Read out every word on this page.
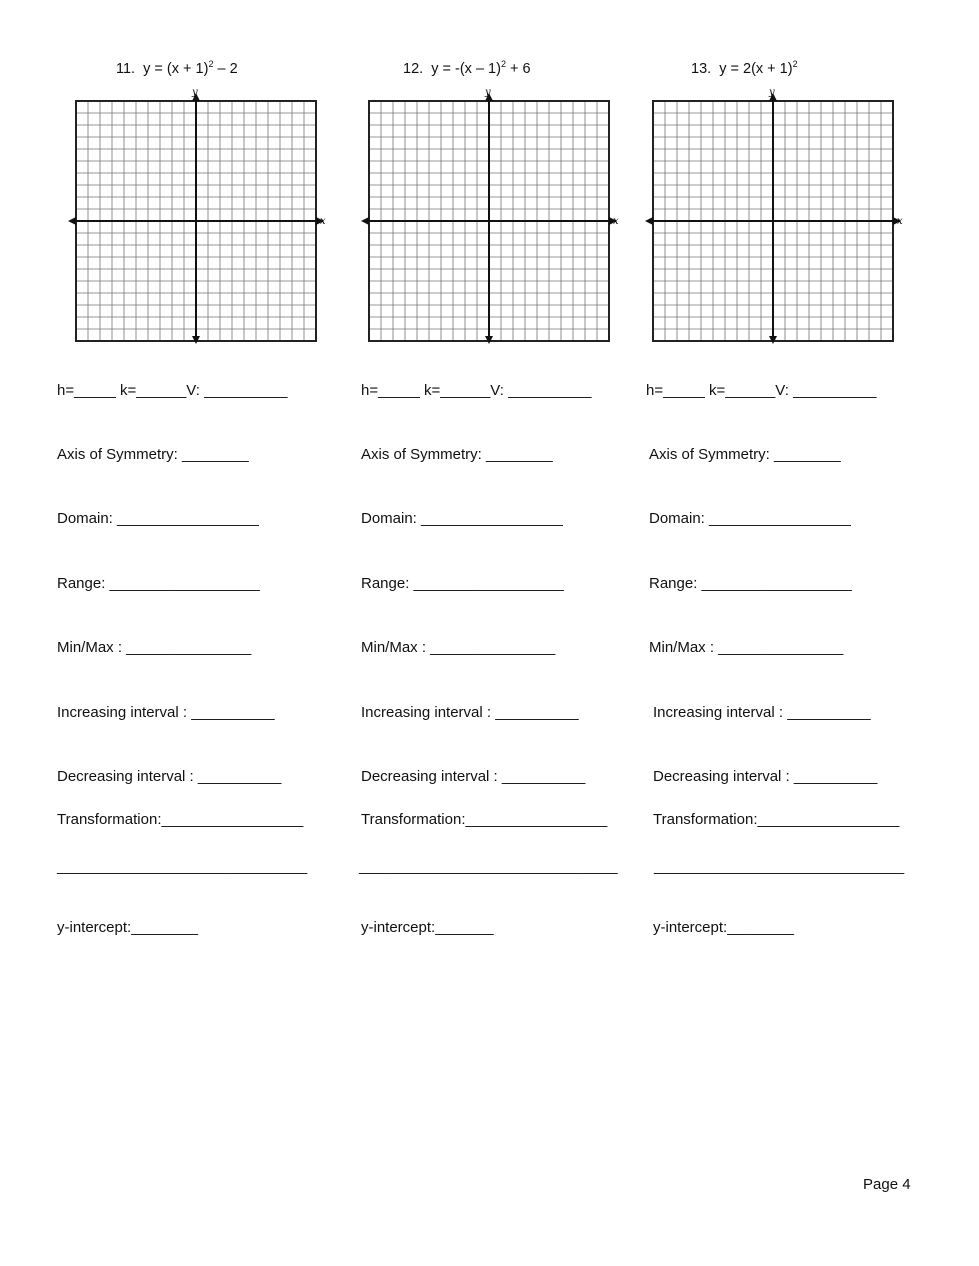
11. $y = (x + 1)^2 - 2$
x
y
h=_____ k=______V: __________
Axis of Symmetry: ________
Domain: _________________
Range: __________________
Min/Max : _______________
Increasing interval : __________
Decreasing interval : __________
Transformation:_________________
______________________________
y-intercept:________
12. y = -(x – 1)$^2$ + 6
x
y
h=_____ k=______V: __________
Axis of Symmetry: ________
Domain: _________________
Range: __________________
Min/Max : _______________
Increasing interval : __________
Decreasing interval : __________
Transformation:_________________
_______________________________
y-intercept:_______
13. $y = 2(x + 1)^2$
x
y
h=_____ k=______V: __________
Axis of Symmetry: ________
Domain: _________________
Range: __________________
Min/Max : _______________
Increasing interval : __________
Decreasing interval : __________
Transformation:_________________
______________________________
y-intercept:________
Page 4
